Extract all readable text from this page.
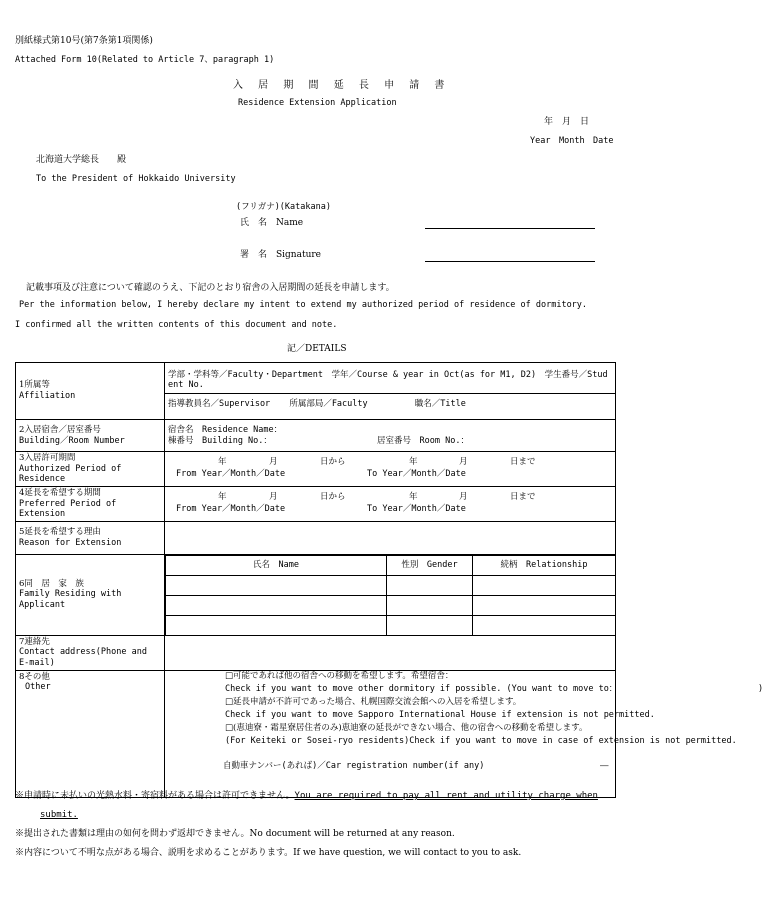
別紙様式第10号(第7条第1項関係)
Attached Form 10(Related to Article 7、paragraph 1)
入 居 期 間 延 長 申 請 書
Residence Extension Application
年　月　日
Year　Month　Date
北海道大学総長　　殿
To the President of Hokkaido University
(フリガナ)(Katakana)
氏　名　Name
署　名　Signature
記載事項及び注意について確認のうえ、下記のとおり宿舎の入居期間の延長を申請します。
Per the information below, I hereby declare my intent to extend my authorized period of residence of dormitory.
I confirmed all the written contents of this document and note.
記／DETAILS
1所属等
Affiliation

学部・学科等／Faculty・Department　学年／Course & year in Oct(as for M1, D2)　学生番号／Student No.
指導教員名／Supervisor 所属部局／Faculty	職名／Title

2入居宿舎／居室番号
Building／Room Number

宿舎名　Residence Name：
棟番号　Building No.：	居室番号　Room No.：

3入居許可期間
Authorized Period of Residence

年	月	日から	年	月	日まで
From Year／Month／Date	To Year／Month／Date

4延長を希望する期間
Preferred Period of Extension

年	月	日から	年	月	日まで
From Year／Month／Date	To Year／Month／Date

5延長を希望する理由
Reason for Extension

6同　居　家　族
Family Residing with Applicant

氏名　Name	性別　Gender	続柄　Relationship

7連絡先
Contact address(Phone and E-mail)

8その他
Other

□可能であれば他の宿舎への移動を希望します。希望宿舎：
Check if you want to move other dormitory if possible. (You want to move to：	)
□延長申請が不許可であった場合、札幌国際交流会館への入居を希望します。
Check if you want to move Sapporo International House if extension is not permitted.
□(恵迪寮・霜星寮居住者のみ)恵迪寮の延長ができない場合、他の宿舎への移動を希望します。
(For Keiteki or Sosei-ryo residents)Check if you want to move in case of extension is not permitted.
自動車ナンバー(あれば)／Car registration number(if any)	―
※申請時に未払いの光熱水料・寄宿料がある場合は許可できません。You are required to pay all rent and utility charge when
submit.
※提出された書類は理由の如何を問わず返却できません。No document will be returned at any reason.
※内容について不明な点がある場合、説明を求めることがあります。If we have question, we will contact to you to ask.
